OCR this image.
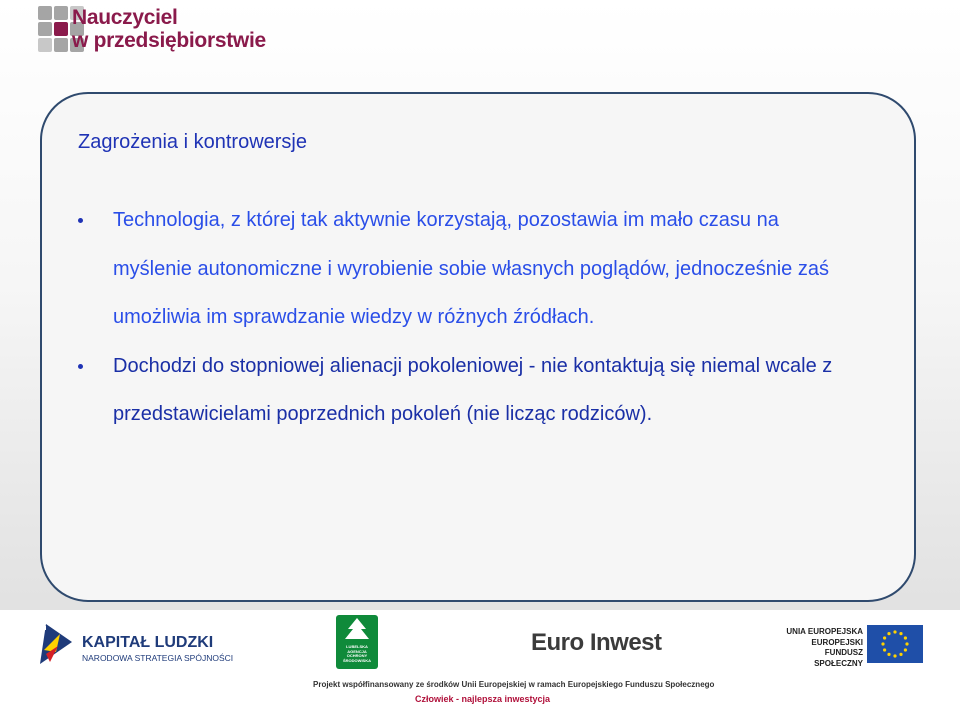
Nauczyciel
w przedsiębiorstwie
Zagrożenia i kontrowersje
Technologia, z której tak aktywnie korzystają, pozostawia im mało czasu na myślenie autonomiczne i wyrobienie sobie własnych poglądów, jednocześnie zaś umożliwia im sprawdzanie wiedzy w różnych źródłach.
Dochodzi do stopniowej alienacji pokoleniowej - nie kontaktują się niemal wcale z przedstawicielami poprzednich pokoleń (nie licząc rodziców).
KAPITAŁ LUDZKI
NARODOWA STRATEGIA SPÓJNOŚCI
LUBELSKA AGENCJA OCHRONY ŚRODOWISKA
Euro Inwest	UNIA EUROPEJSKA
EUROPEJSKI
FUNDUSZ SPOŁECZNY
Projekt współfinansowany ze środków Unii Europejskiej w ramach Europejskiego Funduszu Społecznego
Człowiek - najlepsza inwestycja
